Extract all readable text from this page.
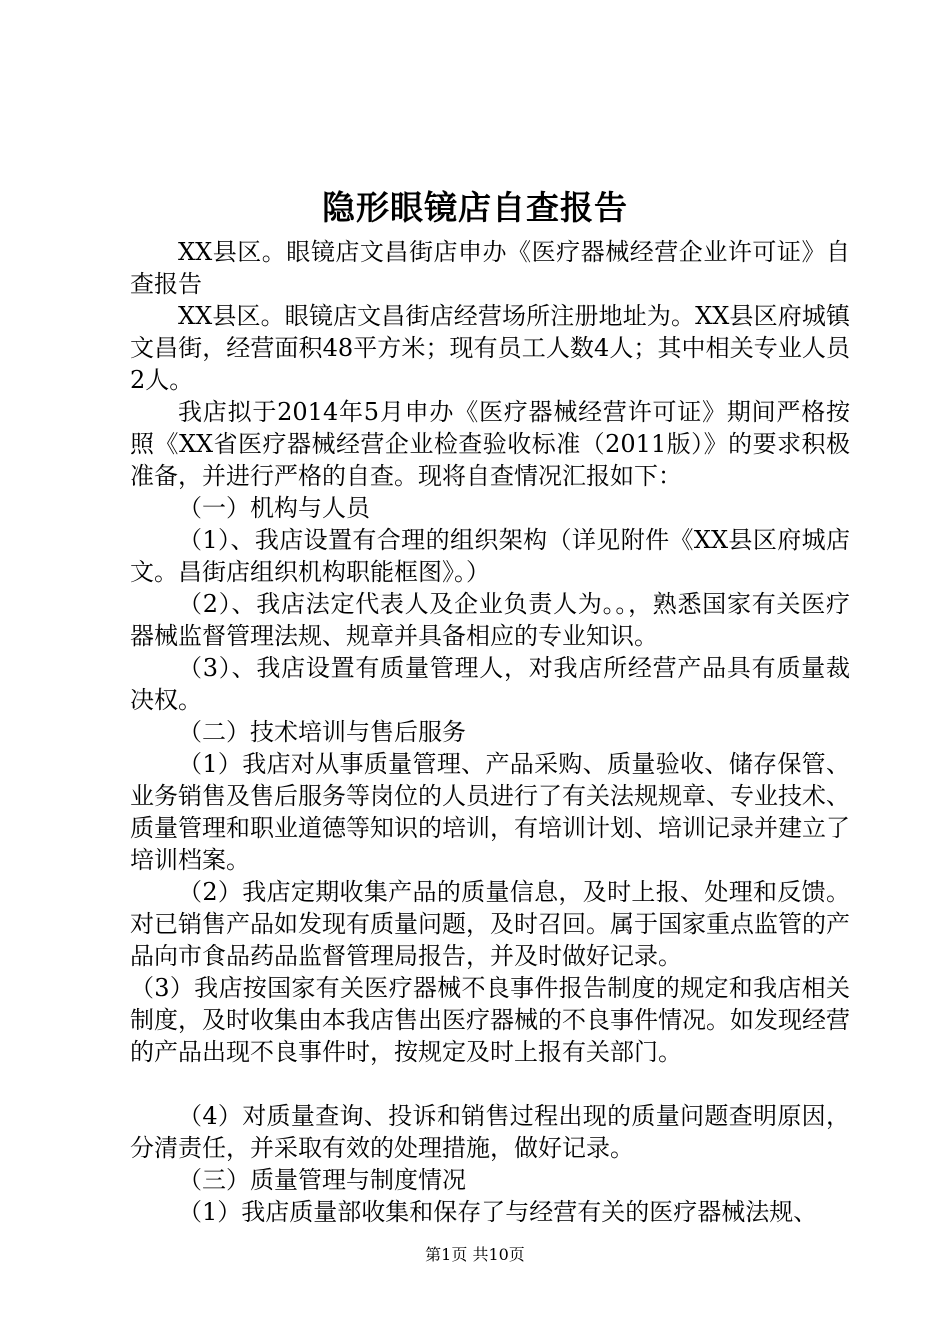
隐形眼镜店自查报告

XX县区。眼镜店文昌街店申办《医疗器械经营企业许可证》自查报告

XX县区。眼镜店文昌街店经营场所注册地址为。XX县区府城镇文昌街，经营面积48平方米；现有员工人数4人；其中相关专业人员2人。

我店拟于2014年5月申办《医疗器械经营许可证》期间严格按照《XX省医疗器械经营企业检查验收标准（2011版）》的要求积极准备，并进行严格的自查。现将自查情况汇报如下：

（一）机构与人员

（1）、我店设置有合理的组织架构（详见附件《XX县区府城店文。昌街店组织机构职能框图》。）

（2）、我店法定代表人及企业负责人为。。，熟悉国家有关医疗器械监督管理法规、规章并具备相应的专业知识。

（3）、我店设置有质量管理人，对我店所经营产品具有质量裁决权。

（二）技术培训与售后服务

（1）我店对从事质量管理、产品采购、质量验收、储存保管、业务销售及售后服务等岗位的人员进行了有关法规规章、专业技术、质量管理和职业道德等知识的培训，有培训计划、培训记录并建立了培训档案。

（2）我店定期收集产品的质量信息，及时上报、处理和反馈。对已销售产品如发现有质量问题，及时召回。属于国家重点监管的产品向市食品药品监督管理局报告，并及时做好记录。

（3）我店按国家有关医疗器械不良事件报告制度的规定和我店相关制度，及时收集由本我店售出医疗器械的不良事件情况。如发现经营的产品出现不良事件时，按规定及时上报有关部门。

（4）对质量查询、投诉和销售过程出现的质量问题查明原因，分清责任，并采取有效的处理措施，做好记录。

（三）质量管理与制度情况

（1）我店质量部收集和保存了与经营有关的医疗器械法规、

第1页 共10页
